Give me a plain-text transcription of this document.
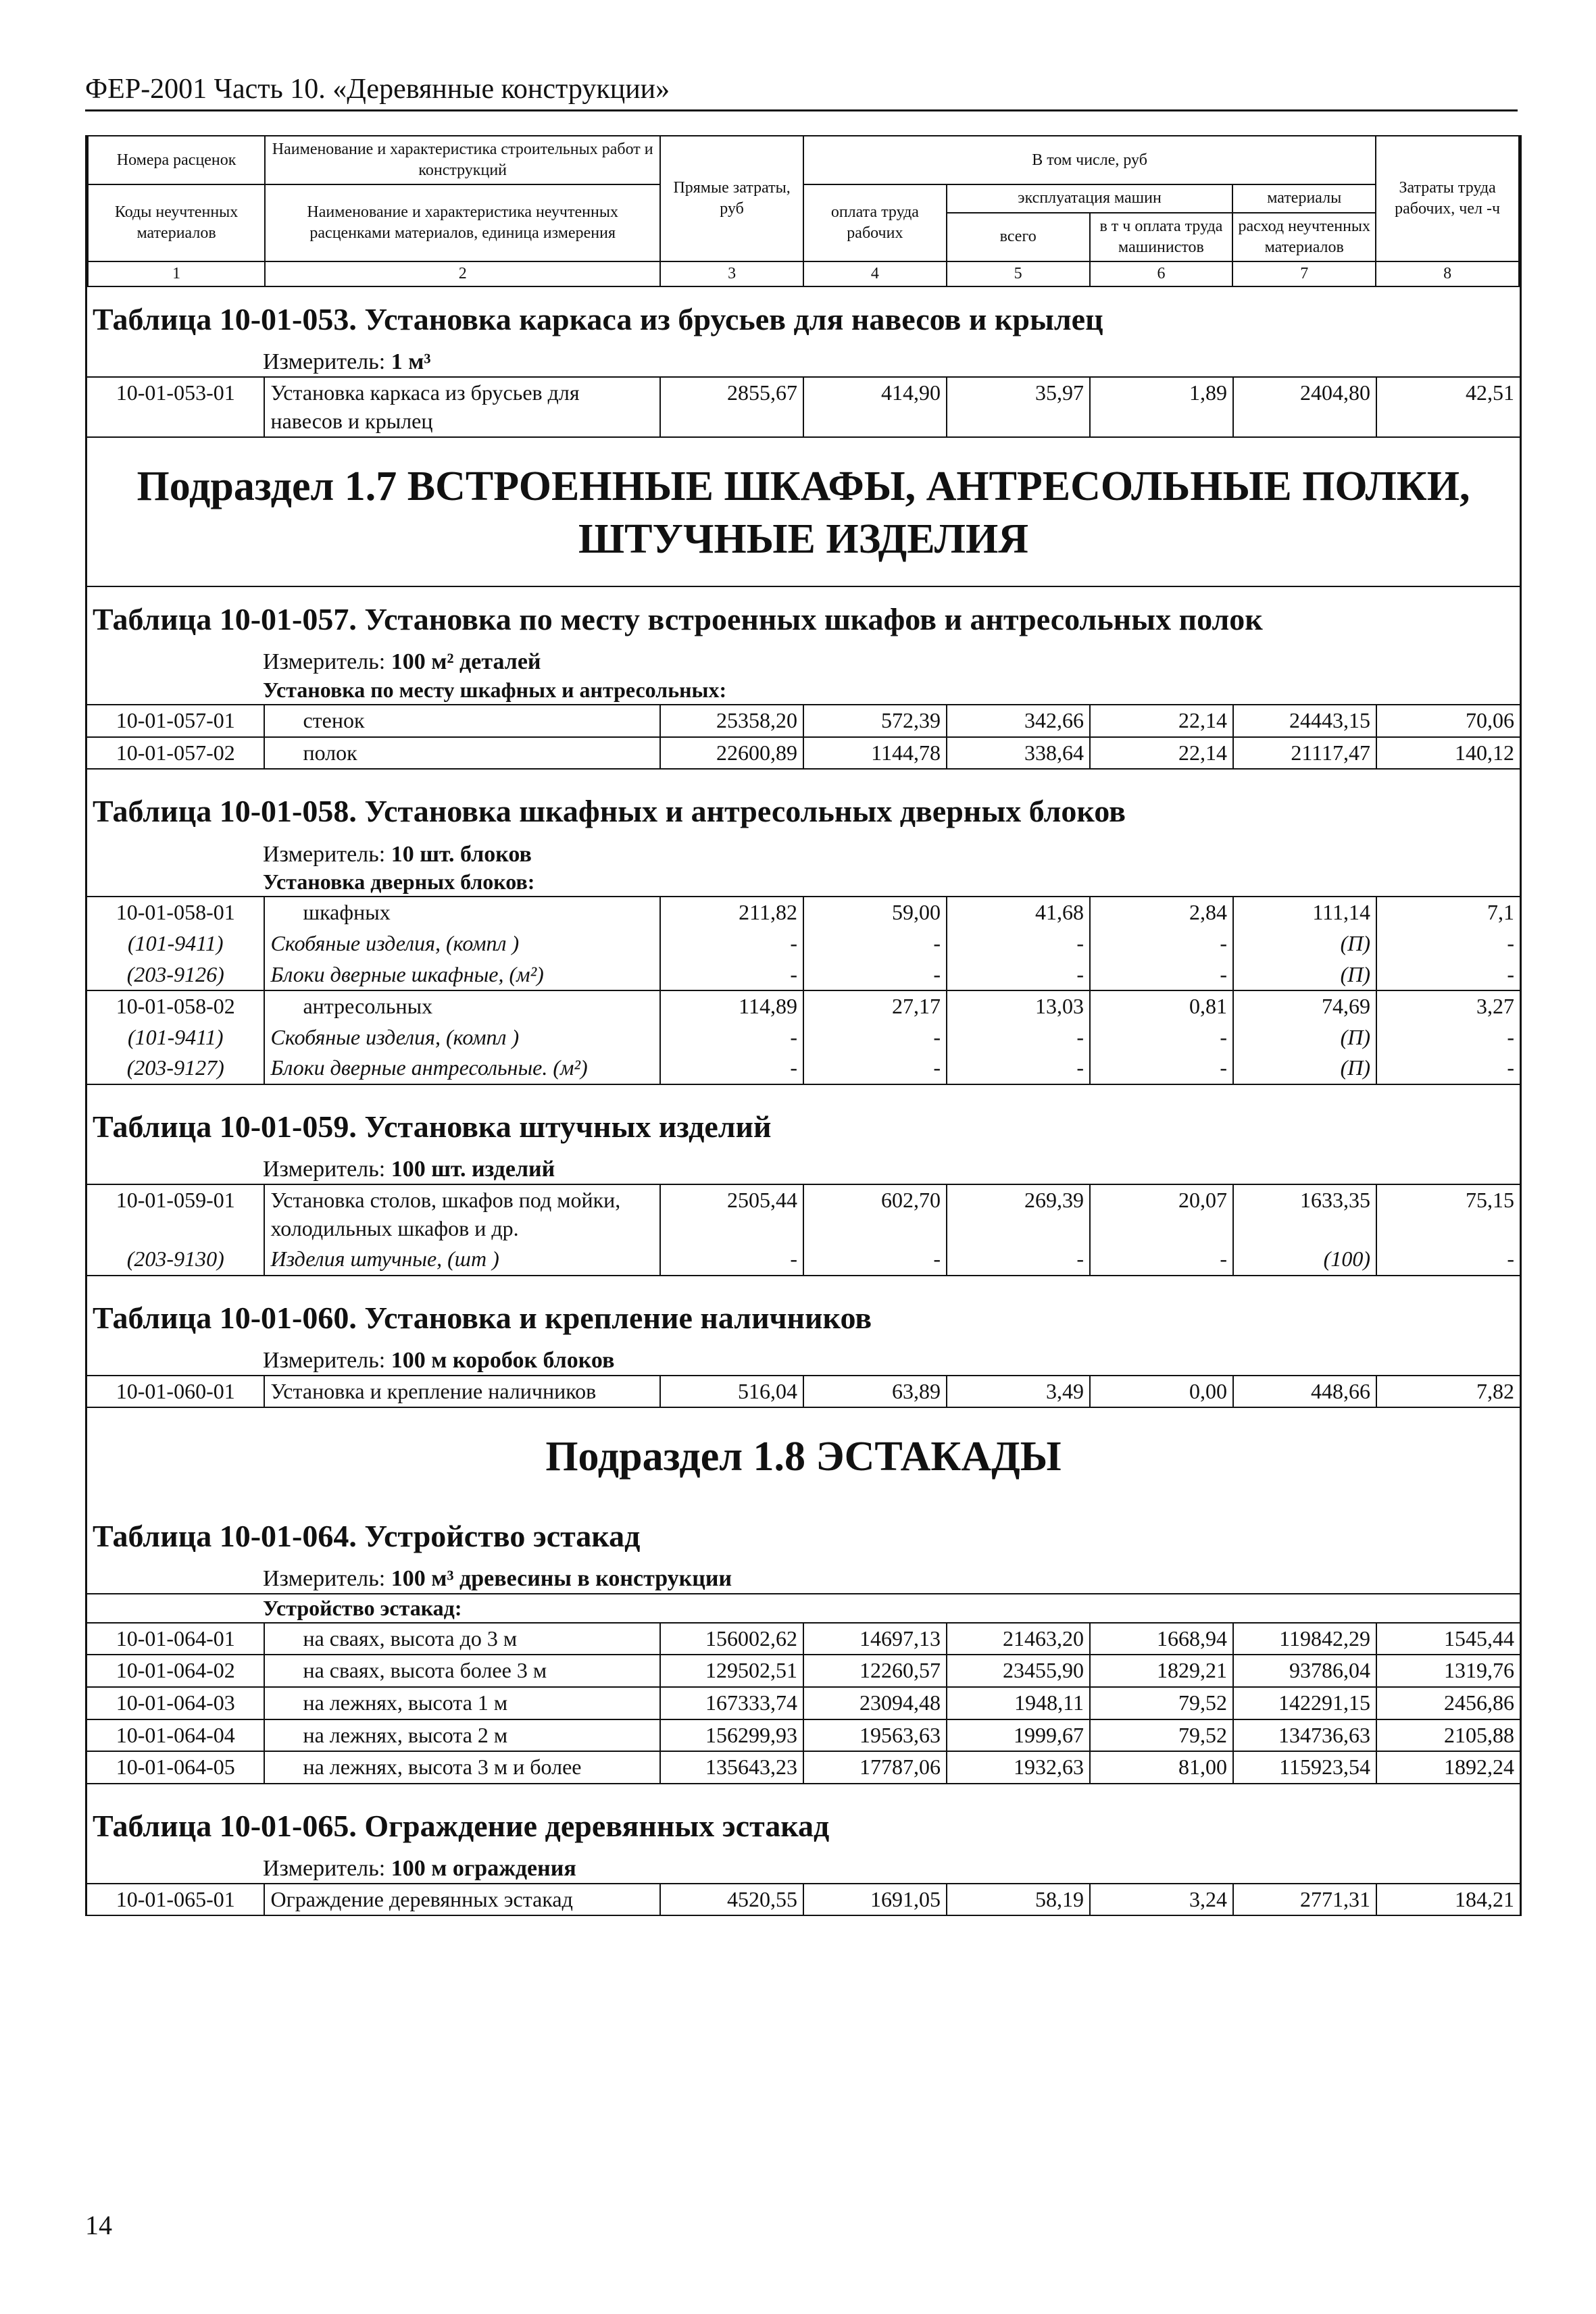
ФЕР-2001 Часть 10. «Деревянные конструкции»
Номера расценок	Наименование и характеристика строительных работ и конструкций	Прямые затраты, руб	В том числе, руб				Затраты труда рабочих, чел -ч
Коды неучтенных материалов	Наименование и характеристика неучтенных расценками материалов, единица измерения		оплата труда рабочих	эксплуатация машин		материалы	
				всего	в т ч оплата труда машинистов	расход неучтенных материалов	
1	2	3	4	5	6	7	8
Таблица 10-01-053. Установка каркаса из брусьев для навесов и крылец
Измеритель: 1 м³
10-01-053-01	Установка каркаса из брусьев для навесов и крылец	2855,67	414,90	35,97	1,89	2404,80	42,51
Подраздел 1.7 ВСТРОЕННЫЕ ШКАФЫ, АНТРЕСОЛЬНЫЕ ПОЛКИ, ШТУЧНЫЕ ИЗДЕЛИЯ
Таблица 10-01-057. Установка по месту встроенных шкафов и антресольных полок
Измеритель: 100 м² деталей
Установка по месту шкафных и антресольных:
10-01-057-01	стенок	25358,20	572,39	342,66	22,14	24443,15	70,06
10-01-057-02	полок	22600,89	1144,78	338,64	22,14	21117,47	140,12
Таблица 10-01-058. Установка шкафных и антресольных дверных блоков
Измеритель: 10 шт. блоков
Установка дверных блоков:
10-01-058-01	шкафных	211,82	59,00	41,68	2,84	111,14	7,1
(101-9411)	Скобяные изделия, (компл )	-	-	-	-	(П)	-
(203-9126)	Блоки дверные шкафные, (м²)	-	-	-	-	(П)	-
10-01-058-02	антресольных	114,89	27,17	13,03	0,81	74,69	3,27
(101-9411)	Скобяные изделия, (компл )	-	-	-	-	(П)	-
(203-9127)	Блоки дверные антресольные. (м²)	-	-	-	-	(П)	-
Таблица 10-01-059. Установка штучных изделий
Измеритель: 100 шт. изделий
10-01-059-01	Установка столов, шкафов под мойки, холодильных шкафов и др.	2505,44	602,70	269,39	20,07	1633,35	75,15
(203-9130)	Изделия штучные, (шт )	-	-	-	-	(100)	-
Таблица 10-01-060. Установка и крепление наличников
Измеритель: 100 м коробок блоков
10-01-060-01	Установка и крепление наличников	516,04	63,89	3,49	0,00	448,66	7,82
Подраздел 1.8 ЭСТАКАДЫ
Таблица 10-01-064. Устройство эстакад
Измеритель: 100 м³ древесины в конструкции
Устройство эстакад:
10-01-064-01	на сваях, высота до 3 м	156002,62	14697,13	21463,20	1668,94	119842,29	1545,44
10-01-064-02	на сваях, высота более 3 м	129502,51	12260,57	23455,90	1829,21	93786,04	1319,76
10-01-064-03	на лежнях, высота 1 м	167333,74	23094,48	1948,11	79,52	142291,15	2456,86
10-01-064-04	на лежнях, высота 2 м	156299,93	19563,63	1999,67	79,52	134736,63	2105,88
10-01-064-05	на лежнях, высота 3 м и более	135643,23	17787,06	1932,63	81,00	115923,54	1892,24
Таблица 10-01-065. Ограждение деревянных эстакад
Измеритель: 100 м ограждения
10-01-065-01	Ограждение деревянных эстакад	4520,55	1691,05	58,19	3,24	2771,31	184,21
14
